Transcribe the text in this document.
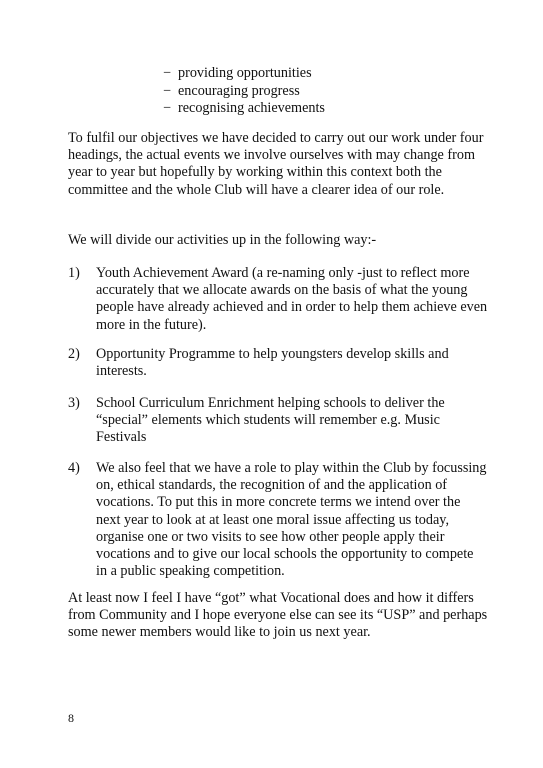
− providing opportunities
− encouraging progress
− recognising achievements

To fulfil our objectives we have decided to carry out our work under four headings, the actual events we involve ourselves with may change from year to year but hopefully by working within this context both the committee and the whole Club will have a clearer idea of our role.

We will divide our activities up in the following way:-

1)	Youth Achievement Award (a re-naming only -just to reflect more accurately that we allocate awards on the basis of what the young people have already achieved and in order to help them achieve even more in the future).
2)	Opportunity Programme to help youngsters develop skills and interests.
3)	School Curriculum Enrichment helping schools to deliver the “special” elements which students will remember e.g. Music Festivals
4)	We also feel that we have a role to play within the Club by focussing on, ethical standards, the recognition of and the application of vocations. To put this in more concrete terms we intend over the next year to look at at least one moral issue affecting us today, organise one or two visits to see how other people apply their vocations and to give our local schools the opportunity to compete in a public speaking competition.

At least now I feel I have “got” what Vocational does and how it differs from Community and I hope everyone else can see its “USP” and perhaps some newer members would like to join us next year.

8
